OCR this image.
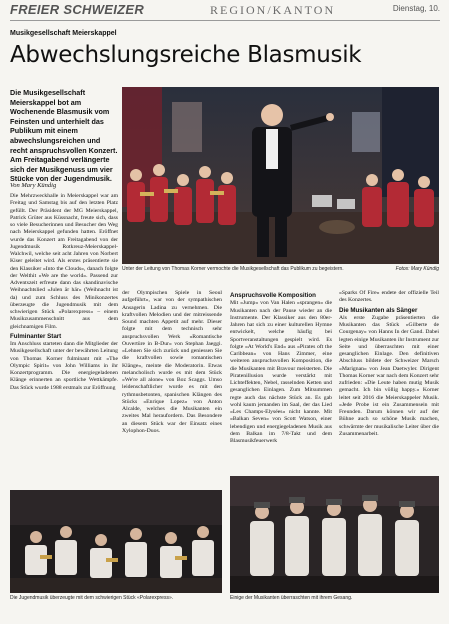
FREIER SCHWEIZER	REGION/KANTON	Dienstag, 10.
Musikgesellschaft Meierskappel
Abwechslungsreiche Blasmusik
Die Musikgesellschaft Meierskappel bot am Wochenende Blasmusik vom Feinsten und unterhielt das Publikum mit einem abwechslungsreichen und recht anspruchsvollen Konzert. Am Freitagabend verlängerte sich der Musikgenuss um vier Stücke von der Jugendmusik.
Von Mary Kündig
Unter der Leitung von Thomas Korner vermochte die Musikgesellschaft das Publikum zu begeistern.	Fotos: Mary Kündig

Die Mehrzweckhalle in Meierskappel war am Freitag und Samstag bis auf den letzten Platz gefüllt. Der Präsident der MG Meierskappel, Patrick Grüter aus Küssnacht, freute sich, dass so viele Besucherinnen und Besucher den Weg nach Meierskappel gefunden hatten. Eröffnet wurde das Konzert am Freitagabend von der Jugendmusik Rotkreuz-Meierskappel-Walchwil, welche seit acht Jahren von Norbert Kiser geleitet wird. Als erstes präsentierte sie den Klassiker «Into the Clouds», danach folgte der Welthit «We are the world». Passend zur Adventszeit erfreute dann das skandinavische Weihnachtslied «Julen är här» (Weihnacht ist da) und zum Schluss des Minikonzertes überzeugte die Jugendmusik mit dem schwierigen Stück «Polarexpress» – einem Musikzusammenschnitt aus dem gleichnamigen Film.

Fulminanter Start

Im Anschluss starteten dann die Mitglieder der Musikgesellschaft unter der bewährten Leitung von Thomas Korner fulminant mit «The Olympic Spirit» von John Williams in ihr Konzertprogramm. Die energiegeladenen Klänge erinnerten an sportliche Wettkämpfe. Das Stück wurde 1988 erstmals zur Eröffnung

der Olympischen Spiele in Seoul aufgeführt», war von der sympathischen Ansagerin Ladina zu vernehmen. Die kraftvollen Melodien und der mitreissende Sound machten Appetit auf mehr. Dieser folgte mit dem technisch sehr anspruchsvollen Werk «Romantische Ouvertüre in B-Dur» von Stephan Jaeggi. «Lehnen Sie sich zurück und geniessen Sie die kraftvollen sowie romantischen Klänge», meinte die Moderatorin. Etwas melancholisch wurde es mit dem Stück «We're all alone» von Boz Scaggs. Umso leidenschaftlicher wurde es mit den rythmusbetonten, spanischen Klängen des Stücks «Enrique Lopez» von Anton Alcalde, welches die Musikanten ein zweites Mal heraufordern. Das Besondere an diesem Stück war der Einsatz eines Xylophon-Duos.

Anspruchsvolle Komposition

Mit «Jump» von Van Halen «sprangen» die Musikanten nach der Pause wieder an die Instrumente. Der Klassiker aus den 80er-Jahren hat sich zu einer kulturellen Hymne entwickelt, welche häufig bei Sportveranstaltungen gespielt wird. Es folgte «At World's End» aus «Pirates oft the Caribbean» von Hans Zimmer, eine weiteren anspruchsvollen Komposition, die die Musikanten mit Bravour meisterten. Die Piratenillusion wurde verstärkt mit Lichteffekten, Nebel, rasselnden Ketten und gesanglichen Einlagen. Zum Mitsummen regte auch das nächste Stück an. Es gab wohl kaum jemanden im Saal, der das Lied «Les Champs-Elysées» nicht kannte. Mit «Balkan Seven» von Scott Watson, einer lebendigen und energiegeladenen Musik aus dem Balkan im 7/8-Takt und dem Blasmusikfeuerwerk

«Sparks Of Fire» endete der offizielle Teil des Konzertes.

Die Musikanten als Sänger

Als erste Zugabe präsentierten die Musikanten das Stück «Gilberte de Courgenay» von Hanns In der Gand. Dabei legten einige Musikanten ihr Instrument zur Seite und überraschten mit einer gesanglichen Einlage. Den definitiven Abschluss bildete der Schweizer Marsch «Marignan» von Jean Daetwyler. Dirigent Thomas Korner war nach dem Konzert sehr zufrieden: «Die Leute haben mutig Musik gemacht. Ich bin völlig happy.» Korner leitet seit 2016 die Meierskappeler Musik. «Jede Probe ist ein Zusammensein mit Freunden. Darum können wir auf der Bühne auch so schöne Musik machen, schwärmte der musikalische Leiter über die Zusammenarbeit.

Die Jugendmusik überzeugte mit dem schwierigen Stück «Polarexpress».	Einige der Musikanten überraschten mit ihrem Gesang.
